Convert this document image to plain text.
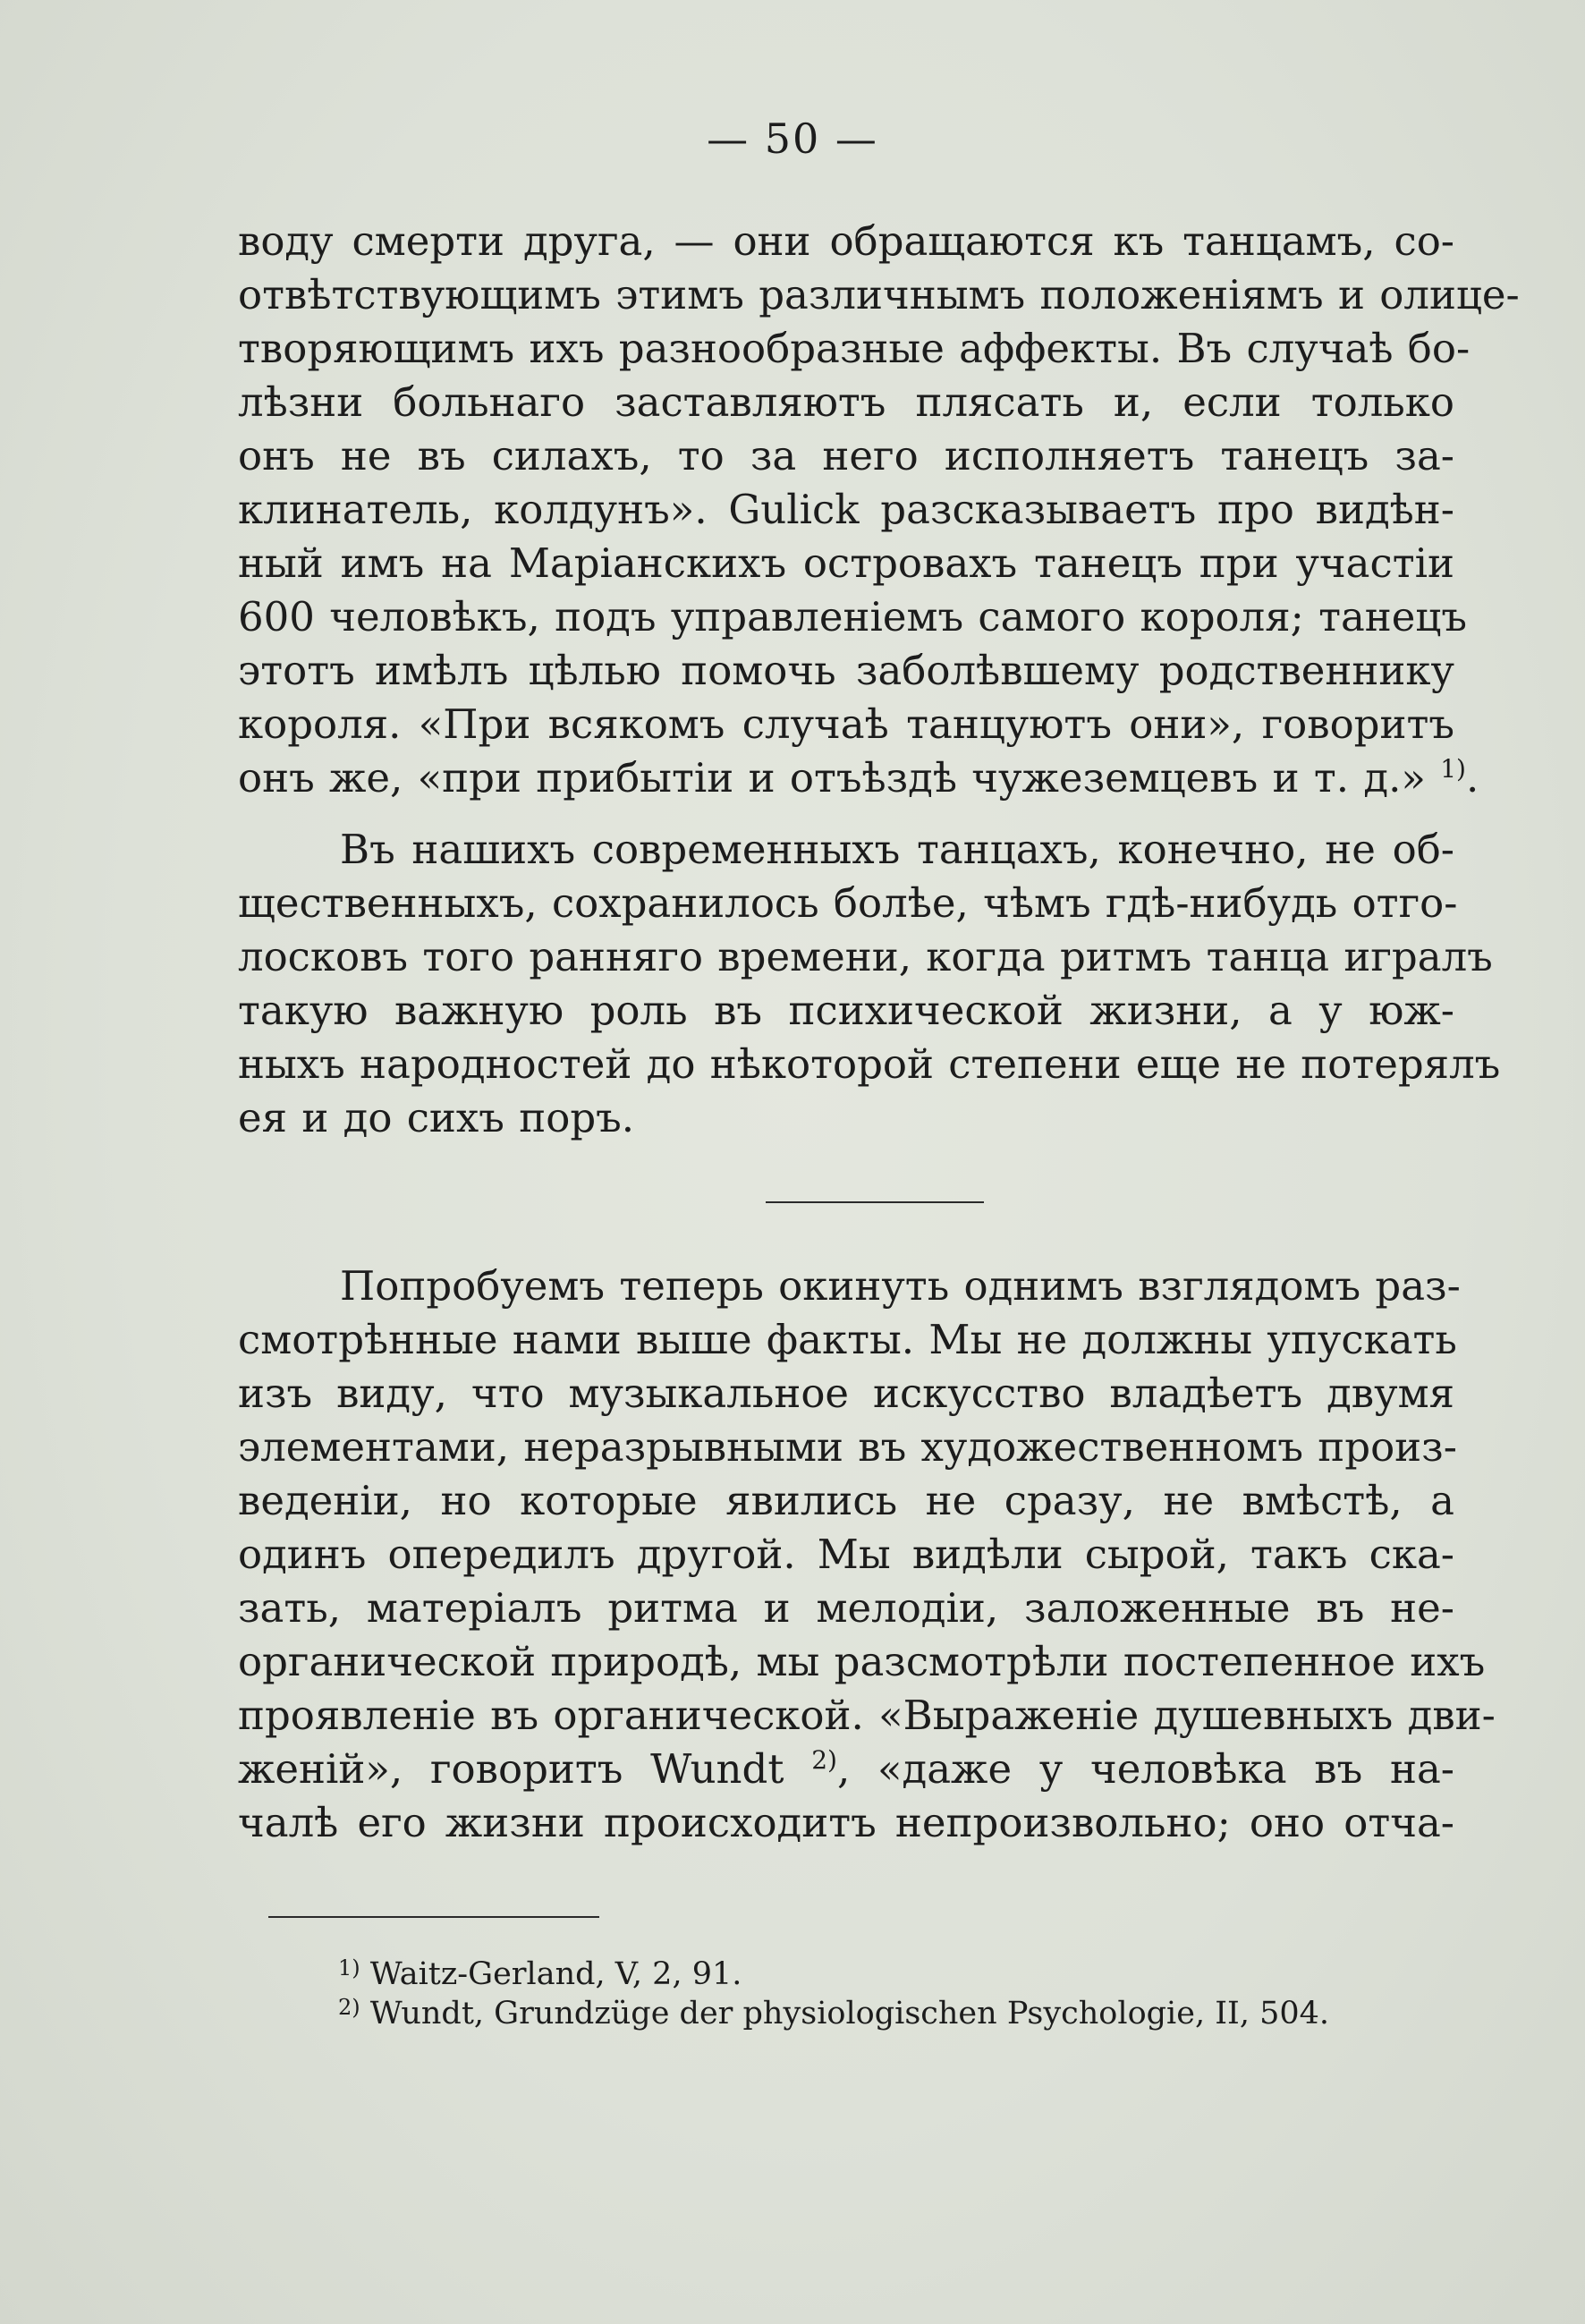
— 50 —
воду смерти друга, — они обращаются къ танцамъ, со-
отвѣтствующимъ этимъ различнымъ положеніямъ и олице-
творяющимъ ихъ разнообразные аффекты. Въ случаѣ бо-
лѣзни больнаго заставляютъ плясать и, если только
онъ не въ силахъ, то за него исполняетъ танецъ за-
клинатель, колдунъ». Gulick разсказываетъ про видѣн-
ный имъ на Маріанскихъ островахъ танецъ при участіи
600 человѣкъ, подъ управленіемъ самого короля; танецъ
этотъ имѣлъ цѣлью помочь заболѣвшему родственнику
короля. «При всякомъ случаѣ танцуютъ они», говоритъ
онъ же, «при прибытіи и отъѣздѣ чужеземцевъ и т. д.» $^{1)}$.
Въ нашихъ современныхъ танцахъ, конечно, не об-
щественныхъ, сохранилось болѣе, чѣмъ гдѣ-нибудь отго-
лосковъ того ранняго времени, когда ритмъ танца игралъ
такую важную роль въ психической жизни, а у юж-
ныхъ народностей до нѣкоторой степени еще не потерялъ
ея и до сихъ поръ.
Попробуемъ теперь окинуть однимъ взглядомъ раз-
смотрѣнные нами выше факты. Мы не должны упускать
изъ виду, что музыкальное искусство владѣетъ двумя
элементами, неразрывными въ художественномъ произ-
веденіи, но которые явились не сразу, не вмѣстѣ, а
одинъ опередилъ другой. Мы видѣли сырой, такъ ска-
зать, матеріалъ ритма и мелодіи, заложенные въ не-
органической природѣ, мы разсмотрѣли постепенное ихъ
проявленіе въ органической. «Выраженіе душевныхъ дви-
женій», говоритъ Wundt $^{2)}$, «даже у человѣка въ на-
чалѣ его жизни происходитъ непроизвольно; оно отча-
$^{1)}$ Waitz-Gerland, V, 2, 91.
$^{2)}$ Wundt, Grundzüge der physiologischen Psychologie, II, 504.
